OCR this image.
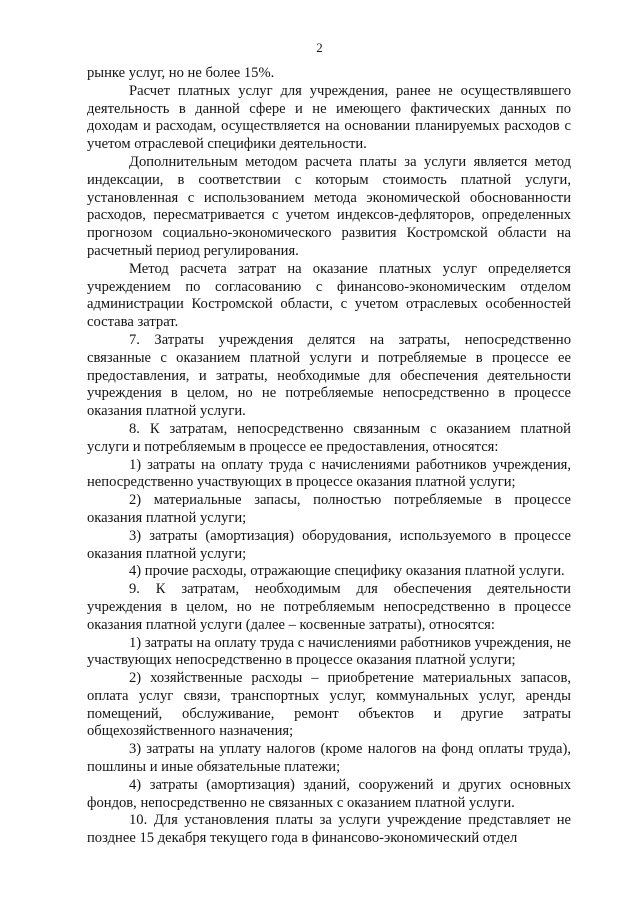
2

рынке услуг, но не более 15%.

Расчет платных услуг для учреждения, ранее не осуществлявшего деятельность в данной сфере и не имеющего фактических данных по доходам и расходам, осуществляется на основании планируемых расходов с учетом отраслевой специфики деятельности.

Дополнительным методом расчета платы за услуги является метод индексации, в соответствии с которым стоимость платной услуги, установленная с использованием метода экономической обоснованности расходов, пересматривается с учетом индексов-дефляторов, определенных прогнозом социально-экономического развития Костромской области на расчетный период регулирования.

Метод расчета затрат на оказание платных услуг определяется учреждением по согласованию с финансово-экономическим отделом администрации Костромской области, с учетом отраслевых особенностей состава затрат.

7. Затраты учреждения делятся на затраты, непосредственно связанные с оказанием платной услуги и потребляемые в процессе ее предоставления, и затраты, необходимые для обеспечения деятельности учреждения в целом, но не потребляемые непосредственно в процессе оказания платной услуги.

8. К затратам, непосредственно связанным с оказанием платной услуги и потребляемым в процессе ее предоставления, относятся:

1) затраты на оплату труда с начислениями работников учреждения, непосредственно участвующих в процессе оказания платной услуги;

2) материальные запасы, полностью потребляемые в процессе оказания платной услуги;

3) затраты (амортизация) оборудования, используемого в процессе оказания платной услуги;

4) прочие расходы, отражающие специфику оказания платной услуги.

9. К затратам, необходимым для обеспечения деятельности учреждения в целом, но не потребляемым непосредственно в процессе оказания платной услуги (далее – косвенные затраты), относятся:

1) затраты на оплату труда с начислениями работников учреждения, не участвующих непосредственно в процессе оказания платной услуги;

2) хозяйственные расходы – приобретение материальных запасов, оплата услуг связи, транспортных услуг, коммунальных услуг, аренды помещений, обслуживание, ремонт объектов и другие затраты общехозяйственного назначения;

3) затраты на уплату налогов (кроме налогов на фонд оплаты труда), пошлины и иные обязательные платежи;

4) затраты (амортизация) зданий, сооружений и других основных фондов, непосредственно не связанных с оказанием платной услуги.

10. Для установления платы за услуги учреждение представляет не позднее 15 декабря текущего года в финансово-экономический отдел
